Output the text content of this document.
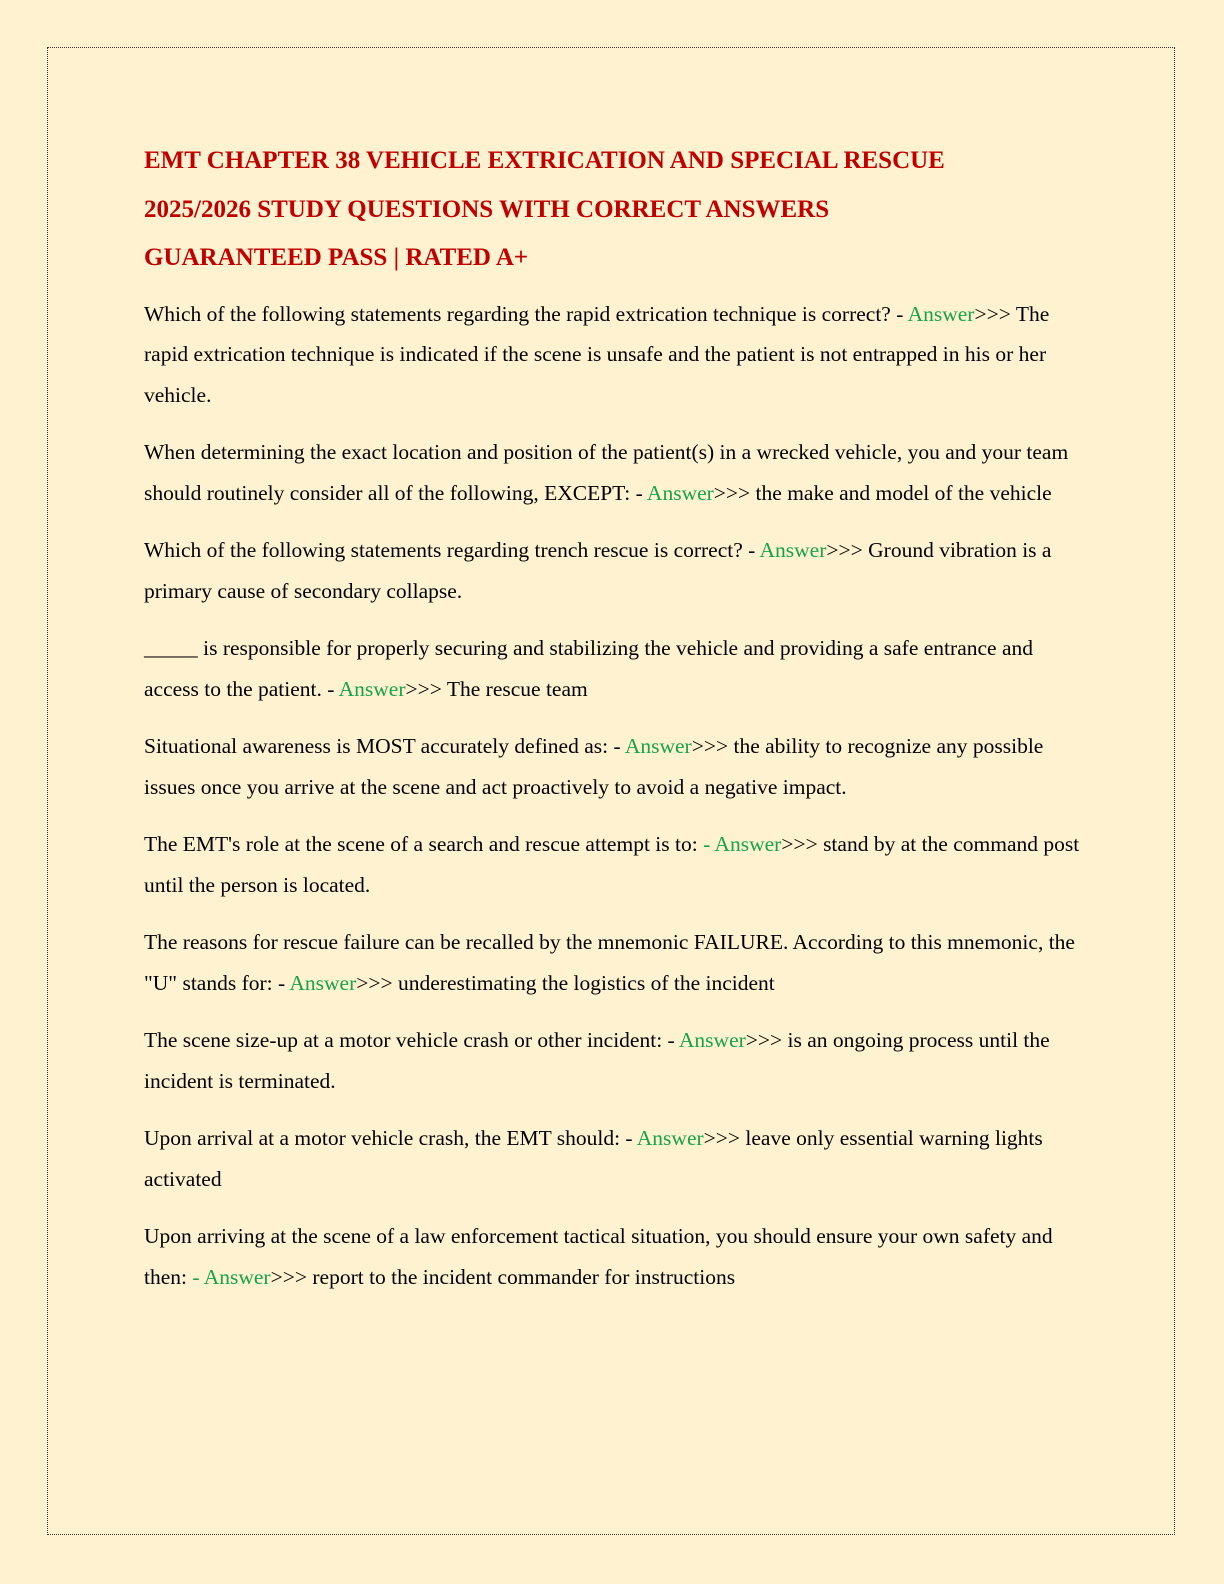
EMT CHAPTER 38 VEHICLE EXTRICATION AND SPECIAL RESCUE
2025/2026 STUDY QUESTIONS WITH CORRECT ANSWERS
GUARANTEED PASS | RATED A+

Which of the following statements regarding the rapid extrication technique is correct? - Answer>>> The rapid extrication technique is indicated if the scene is unsafe and the patient is not entrapped in his or her vehicle.

When determining the exact location and position of the patient(s) in a wrecked vehicle, you and your team should routinely consider all of the following, EXCEPT: - Answer>>> the make and model of the vehicle

Which of the following statements regarding trench rescue is correct? - Answer>>> Ground vibration is a primary cause of secondary collapse.

_____ is responsible for properly securing and stabilizing the vehicle and providing a safe entrance and access to the patient. - Answer>>> The rescue team

Situational awareness is MOST accurately defined as: - Answer>>> the ability to recognize any possible issues once you arrive at the scene and act proactively to avoid a negative impact.

The EMT's role at the scene of a search and rescue attempt is to: - Answer>>> stand by at the command post until the person is located.

The reasons for rescue failure can be recalled by the mnemonic FAILURE. According to this mnemonic, the "U" stands for: - Answer>>> underestimating the logistics of the incident

The scene size-up at a motor vehicle crash or other incident: - Answer>>> is an ongoing process until the incident is terminated.

Upon arrival at a motor vehicle crash, the EMT should: - Answer>>> leave only essential warning lights activated

Upon arriving at the scene of a law enforcement tactical situation, you should ensure your own safety and then: - Answer>>> report to the incident commander for instructions
